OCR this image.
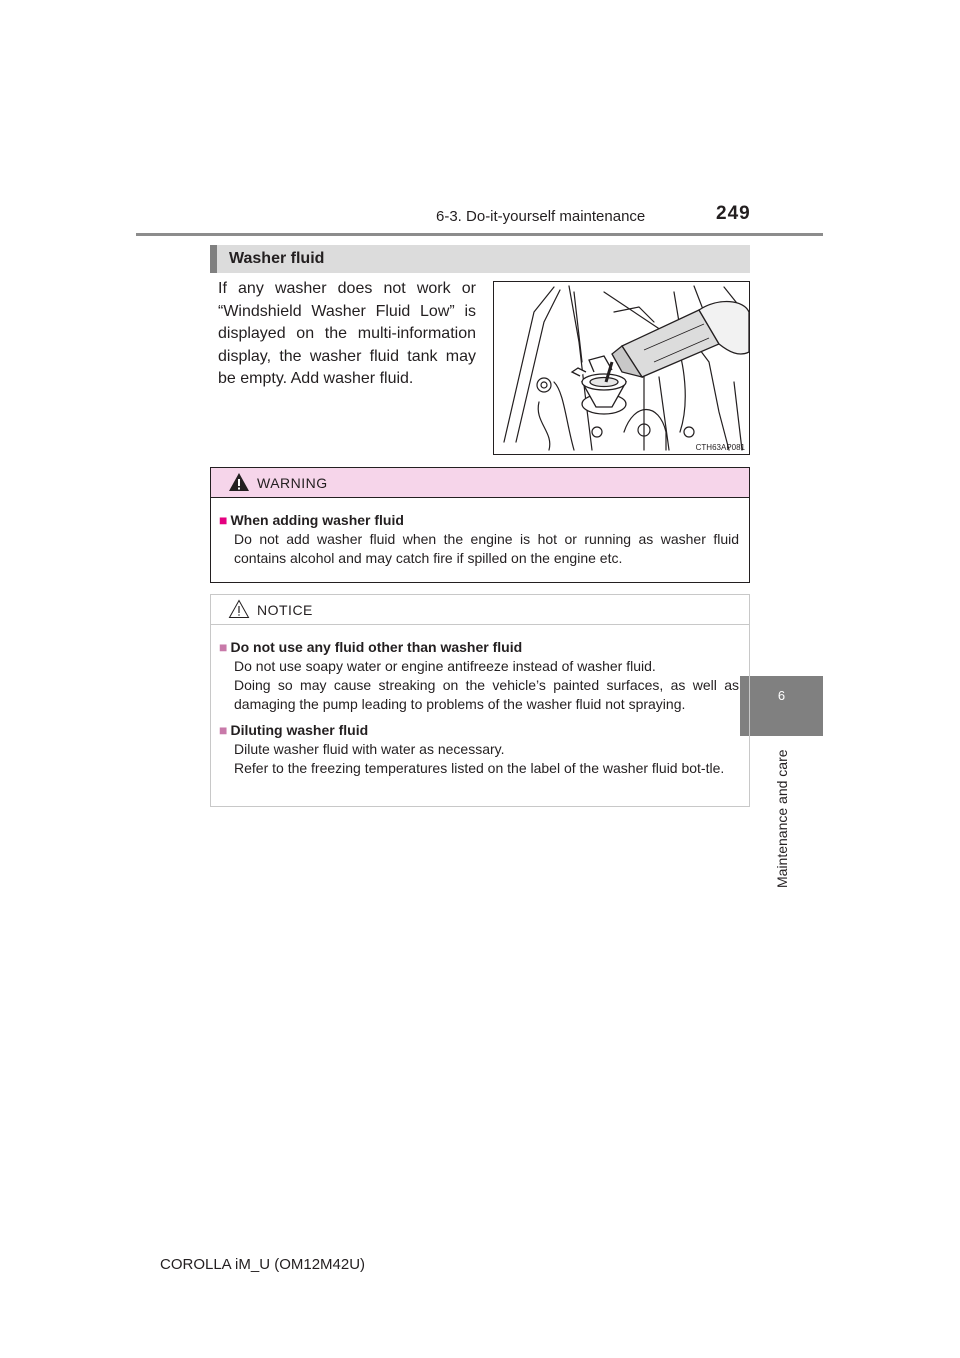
6-3. Do-it-yourself maintenance	249
6
Maintenance and care
Washer fluid
If any washer does not work or “Windshield Washer Fluid Low” is displayed on the multi-information display, the washer fluid tank may be empty. Add washer fluid.
CTH63AP081
WARNING
■ When adding washer fluid
Do not add washer fluid when the engine is hot or running as washer fluid contains alcohol and may catch fire if spilled on the engine etc.
NOTICE
■ Do not use any fluid other than washer fluid
Do not use soapy water or engine antifreeze instead of washer fluid.
Doing so may cause streaking on the vehicle’s painted surfaces, as well as damaging the pump leading to problems of the washer fluid not spraying.
■ Diluting washer fluid
Dilute washer fluid with water as necessary.
Refer to the freezing temperatures listed on the label of the washer fluid bot-tle.
COROLLA iM_U (OM12M42U)
